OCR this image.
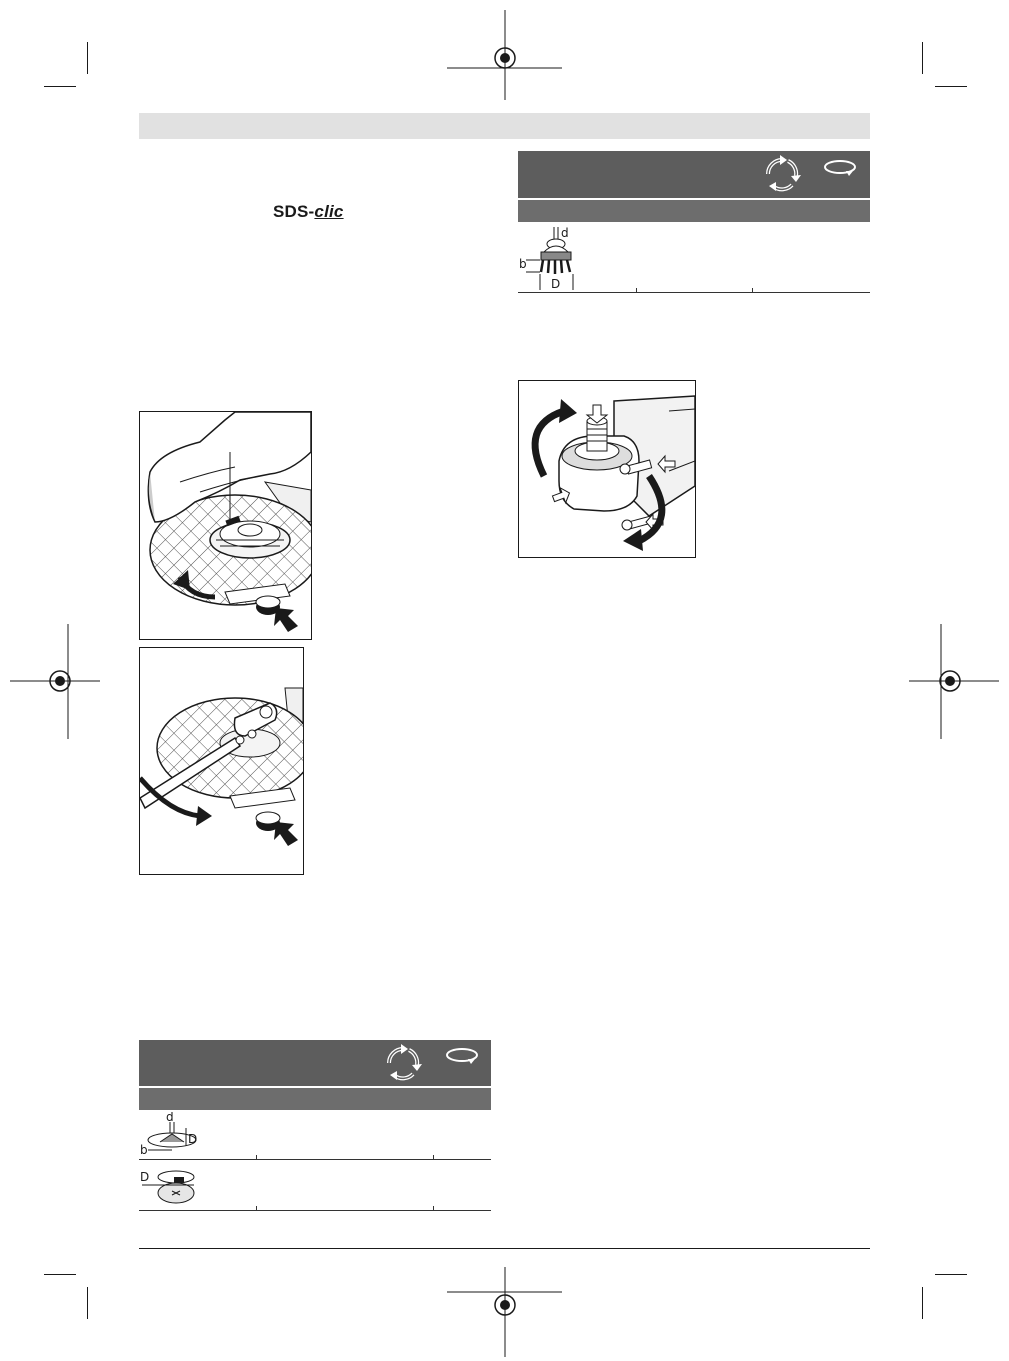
SDS-clic
d
b
D
d
b
D
D
